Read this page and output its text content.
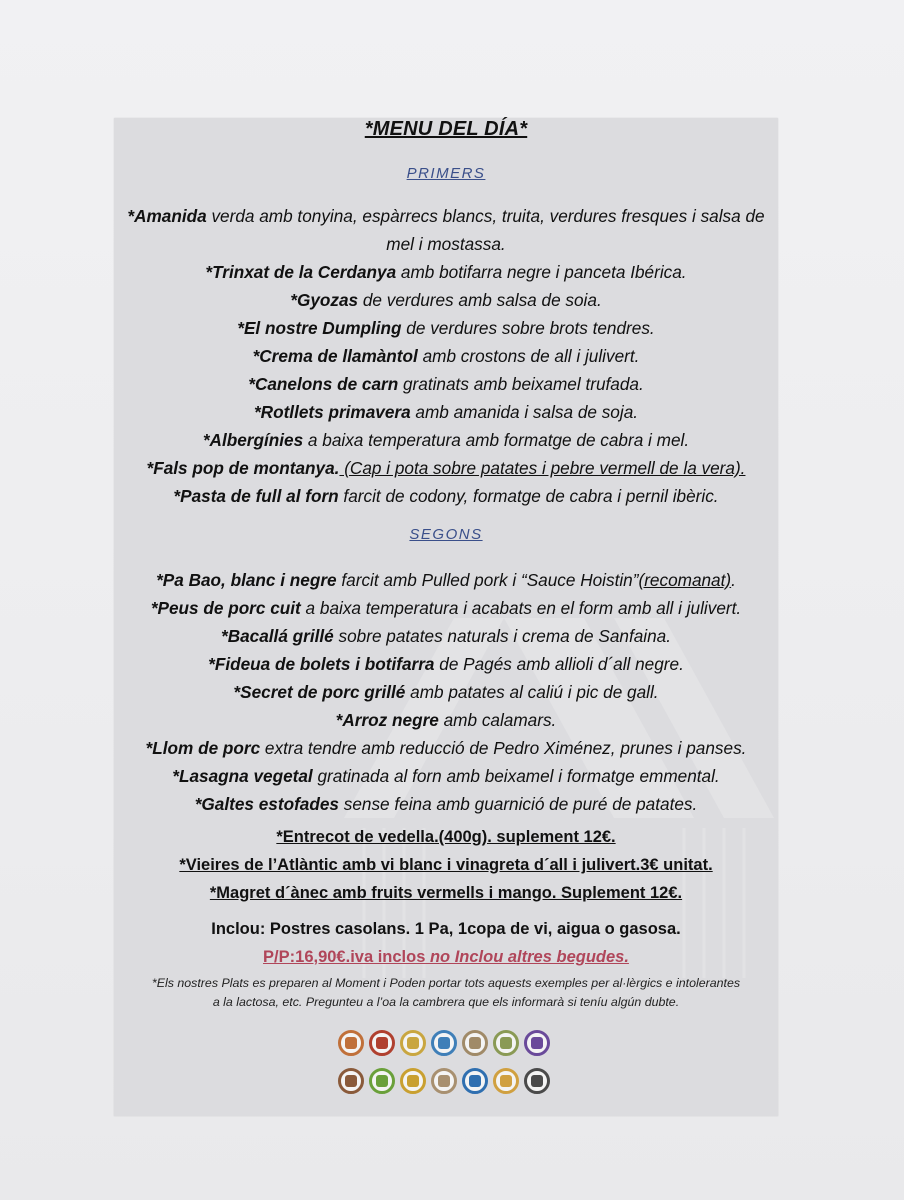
*MENU DEL DÍA*
PRIMERS
*Amanida verda amb tonyina, espàrrecs blancs, truita, verdures fresques i salsa de mel i mostassa.
*Trinxat de la Cerdanya amb botifarra negre i panceta Ibérica.
*Gyozas de verdures amb salsa de soia.
*El nostre Dumpling de verdures sobre brots tendres.
*Crema de llamàntol amb crostons de all i julivert.
*Canelons de carn gratinats amb beixamel trufada.
*Rotllets primavera amb amanida i salsa de soja.
*Albergínies a baixa temperatura amb formatge de cabra i mel.
*Fals pop de montanya. (Cap i pota sobre patates i pebre vermell de la vera).
*Pasta de full al forn farcit de codony, formatge de cabra i pernil ibèric.
SEGONS
*Pa Bao, blanc i negre farcit amb Pulled pork i “Sauce Hoistin”(recomanat).
*Peus de porc cuit a baixa temperatura i acabats en el form amb all i julivert.
*Bacallá grillé sobre patates naturals i crema de Sanfaina.
*Fideua de bolets i botifarra de Pagés amb allioli d´all negre.
*Secret de porc grillé amb patates al caliú i pic de gall.
*Arroz negre amb calamars.
*Llom de porc extra tendre amb reducció de Pedro Ximénez, prunes i panses.
*Lasagna vegetal gratinada al forn amb beixamel i formatge emmental.
*Galtes estofades sense feina amb guarnició de puré de patates.
*Entrecot de vedella.(400g). suplement 12€.
*Vieires de l’Atlàntic amb vi blanc i vinagreta d´all i julivert.3€ unitat.
*Magret d´ànec amb fruits vermells i mango. Suplement 12€.
Inclou: Postres casolans. 1 Pa, 1copa de vi, aigua o gasosa.
P/P:16,90€.iva inclos no Inclou altres begudes.
*Els nostres Plats es preparen al Moment i Poden portar tots aquests exemples per al·lèrgics e intolerantes
a la lactosa, etc. Pregunteu a l’oa la cambrera que els informarà si teníu algún dubte.
